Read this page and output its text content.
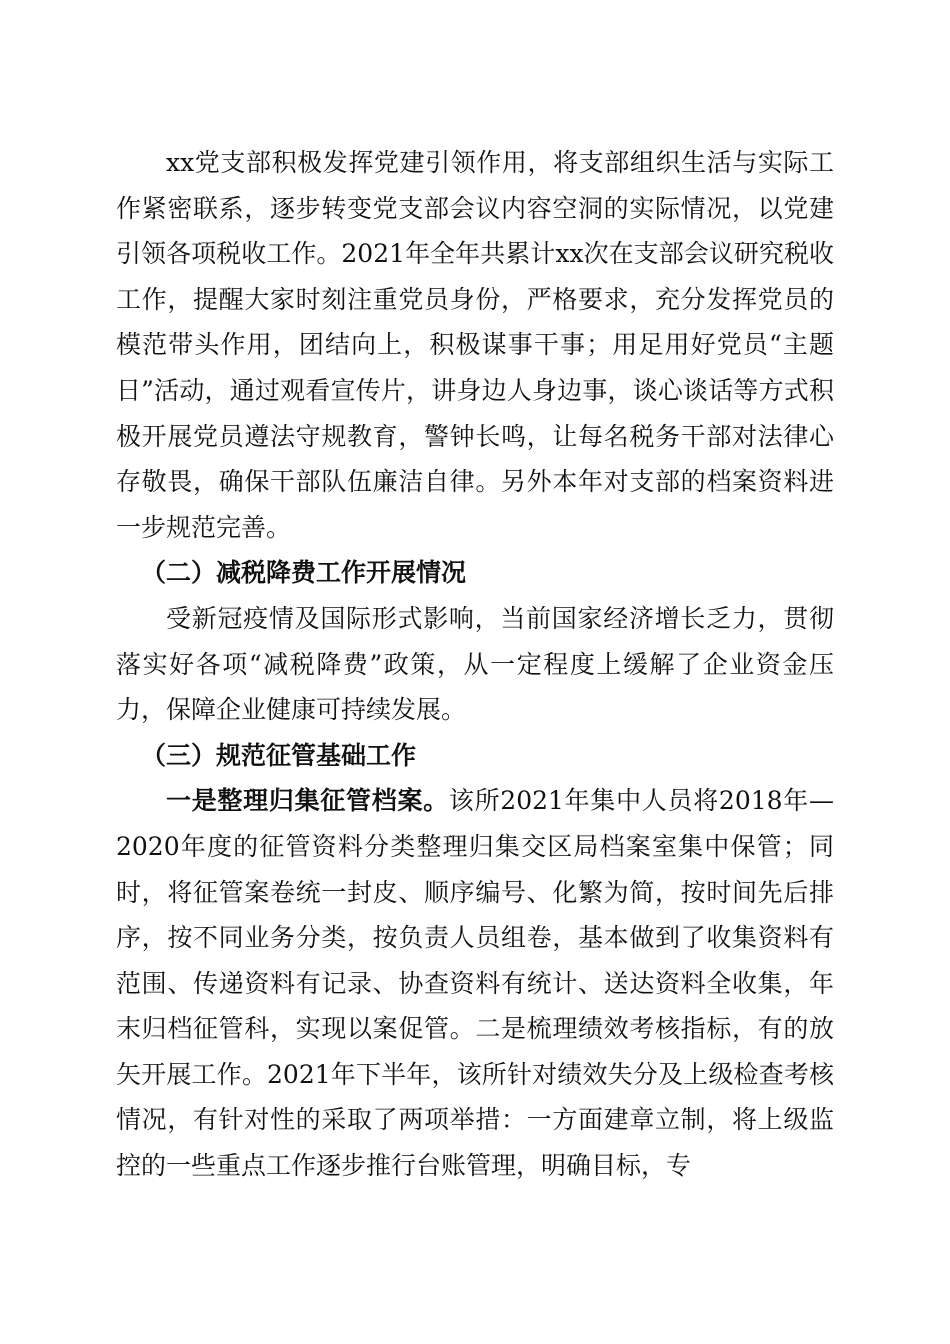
xx党支部积极发挥党建引领作用，将支部组织生活与实际工作紧密联系，逐步转变党支部会议内容空洞的实际情况，以党建引领各项税收工作。2021年全年共累计xx次在支部会议研究税收工作，提醒大家时刻注重党员身份，严格要求，充分发挥党员的模范带头作用，团结向上，积极谋事干事；用足用好党员“主题日”活动，通过观看宣传片，讲身边人身边事，谈心谈话等方式积极开展党员遵法守规教育，警钟长鸣，让每名税务干部对法律心存敬畏，确保干部队伍廉洁自律。另外本年对支部的档案资料进一步规范完善。

（二）减税降费工作开展情况

受新冠疫情及国际形式影响，当前国家经济增长乏力，贯彻落实好各项“减税降费”政策，从一定程度上缓解了企业资金压力，保障企业健康可持续发展。

（三）规范征管基础工作

一是整理归集征管档案。该所2021年集中人员将2018年—2020年度的征管资料分类整理归集交区局档案室集中保管；同时，将征管案卷统一封皮、顺序编号、化繁为简，按时间先后排序，按不同业务分类，按负责人员组卷，基本做到了收集资料有范围、传递资料有记录、协查资料有统计、送达资料全收集，年末归档征管科，实现以案促管。二是梳理绩效考核指标，有的放矢开展工作。2021年下半年，该所针对绩效失分及上级检查考核情况，有针对性的采取了两项举措：一方面建章立制，将上级监控的一些重点工作逐步推行台账管理，明确目标，专
